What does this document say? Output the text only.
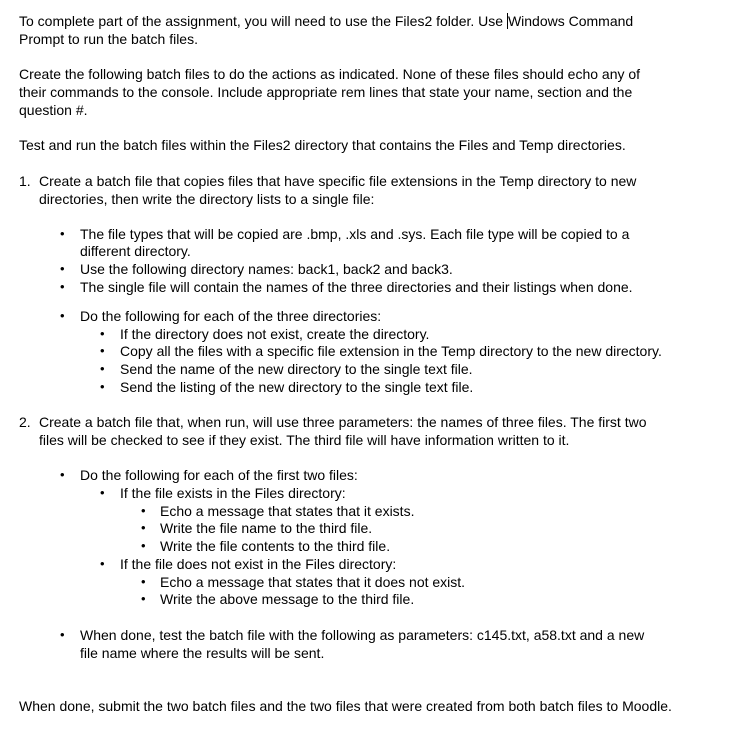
To complete part of the assignment, you will need to use the Files2 folder. Use Windows Command
Prompt to run the batch files.
Create the following batch files to do the actions as indicated. None of these files should echo any of
their commands to the console. Include appropriate rem lines that state your name, section and the
question #.
Test and run the batch files within the Files2 directory that contains the Files and Temp directories.
1. Create a batch file that copies files that have specific file extensions in the Temp directory to new
directories, then write the directory lists to a single file:
• The file types that will be copied are .bmp, .xls and .sys. Each file type will be copied to a
different directory.
• Use the following directory names: back1, back2 and back3.
• The single file will contain the names of the three directories and their listings when done.
• Do the following for each of the three directories:
• If the directory does not exist, create the directory.
• Copy all the files with a specific file extension in the Temp directory to the new directory.
• Send the name of the new directory to the single text file.
• Send the listing of the new directory to the single text file.
2. Create a batch file that, when run, will use three parameters: the names of three files. The first two
files will be checked to see if they exist. The third file will have information written to it.
• Do the following for each of the first two files:
• If the file exists in the Files directory:
• Echo a message that states that it exists.
• Write the file name to the third file.
• Write the file contents to the third file.
• If the file does not exist in the Files directory:
• Echo a message that states that it does not exist.
• Write the above message to the third file.
• When done, test the batch file with the following as parameters: c145.txt, a58.txt and a new
file name where the results will be sent.
When done, submit the two batch files and the two files that were created from both batch files to Moodle.
